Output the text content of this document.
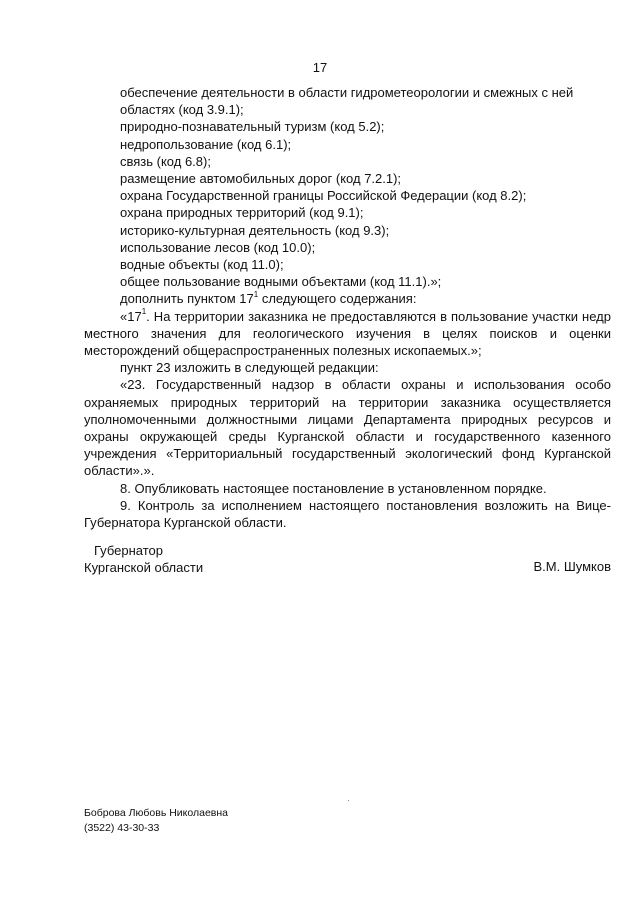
17

обеспечение деятельности в области гидрометеорологии и смежных с ней областях (код 3.9.1);

природно-познавательный туризм (код 5.2);

недропользование (код 6.1);

связь (код 6.8);

размещение автомобильных дорог (код 7.2.1);

охрана Государственной границы Российской Федерации (код 8.2);

охрана природных территорий (код 9.1);

историко-культурная деятельность (код 9.3);

использование лесов (код 10.0);

водные объекты (код 11.0);

общее пользование водными объектами (код 11.1).»;

дополнить пунктом $17^1$ следующего содержания:

«$17^1$. На территории заказника не предоставляются в пользование участки недр местного значения для геологического изучения в целях поисков и оценки месторождений общераспространенных полезных ископаемых.»;

пункт 23 изложить в следующей редакции:

«23. Государственный надзор в области охраны и использования особо охраняемых природных территорий на территории заказника осуществляется уполномоченными должностными лицами Департамента природных ресурсов и охраны окружающей среды Курганской области и государственного казенного учреждения «Территориальный государственный экологический фонд Курганской области».».

8. Опубликовать настоящее постановление в установленном порядке.

9. Контроль за исполнением настоящего постановления возложить на Вице-Губернатора Курганской области.

Губернатор
Курганской области	В.М. Шумков
Боброва Любовь Николаевна
(3522) 43-30-33
